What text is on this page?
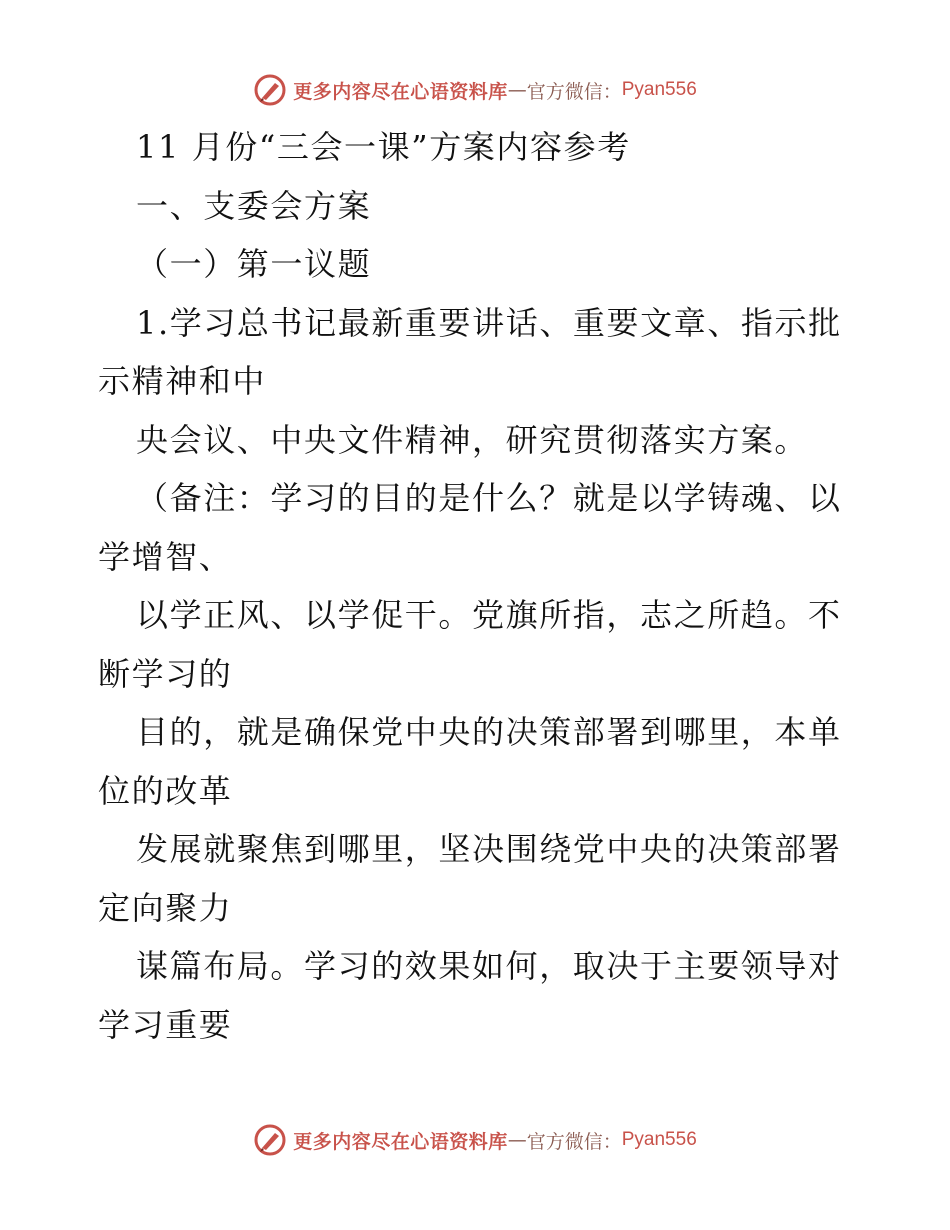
更多内容尽在心语资料库 — 官方微信： Pyan556
11 月份“三会一课”方案内容参考
一、支委会方案
（一）第一议题
1.学习总书记最新重要讲话、重要文章、指示批
示精神和中
央会议、中央文件精神，研究贯彻落实方案。
（备注：学习的目的是什么？就是以学铸魂、以
学增智、
以学正风、以学促干。党旗所指，志之所趋。不
断学习的
目的，就是确保党中央的决策部署到哪里，本单
位的改革
发展就聚焦到哪里，坚决围绕党中央的决策部署
定向聚力
谋篇布局。学习的效果如何，取决于主要领导对
学习重要
更多内容尽在心语资料库 — 官方微信： Pyan556
